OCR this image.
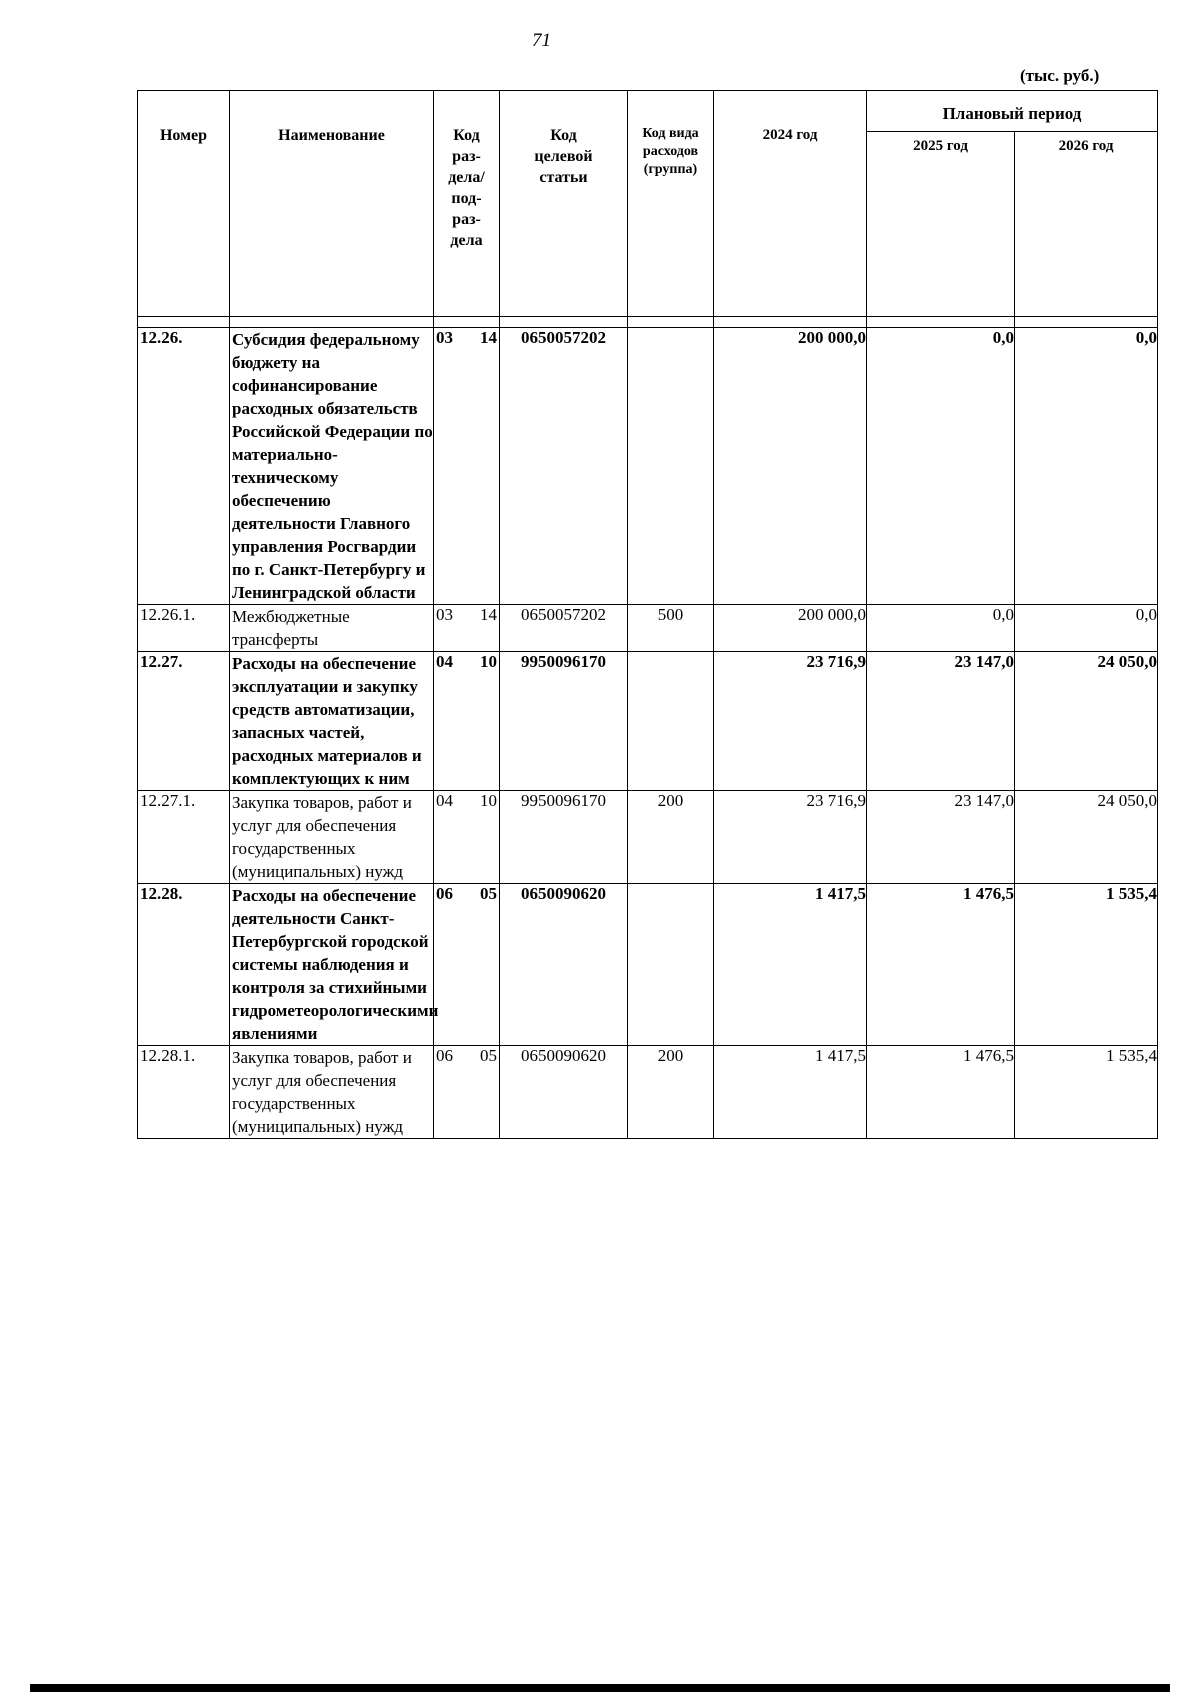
71
(тыс. руб.)
Номер	Наименование	Код раз-дела/ под-раз-дела	Код целевой статьи	Код вида расходов (группа)	2024 год	Плановый период	
						2025 год	2026 год

12.26.	Субсидия федеральному бюджету на софинансирование расходных обязательств Российской Федерации по материально-техническому обеспечению деятельности Главного управления Росгвардии по г. Санкт-Петербургу и Ленинградской области	03 14	0650057202		200 000,0	0,0	0,0
12.26.1.	Межбюджетные трансферты	03 14	0650057202	500	200 000,0	0,0	0,0
12.27.	Расходы на обеспечение эксплуатации и закупку средств автоматизации, запасных частей, расходных материалов и комплектующих к ним	04 10	9950096170		23 716,9	23 147,0	24 050,0
12.27.1.	Закупка товаров, работ и услуг для обеспечения государственных (муниципальных) нужд	04 10	9950096170	200	23 716,9	23 147,0	24 050,0
12.28.	Расходы на обеспечение деятельности Санкт-Петербургской городской системы наблюдения и контроля за стихийными гидрометеорологическими явлениями	06 05	0650090620		1 417,5	1 476,5	1 535,4
12.28.1.	Закупка товаров, работ и услуг для обеспечения государственных (муниципальных) нужд	06 05	0650090620	200	1 417,5	1 476,5	1 535,4
